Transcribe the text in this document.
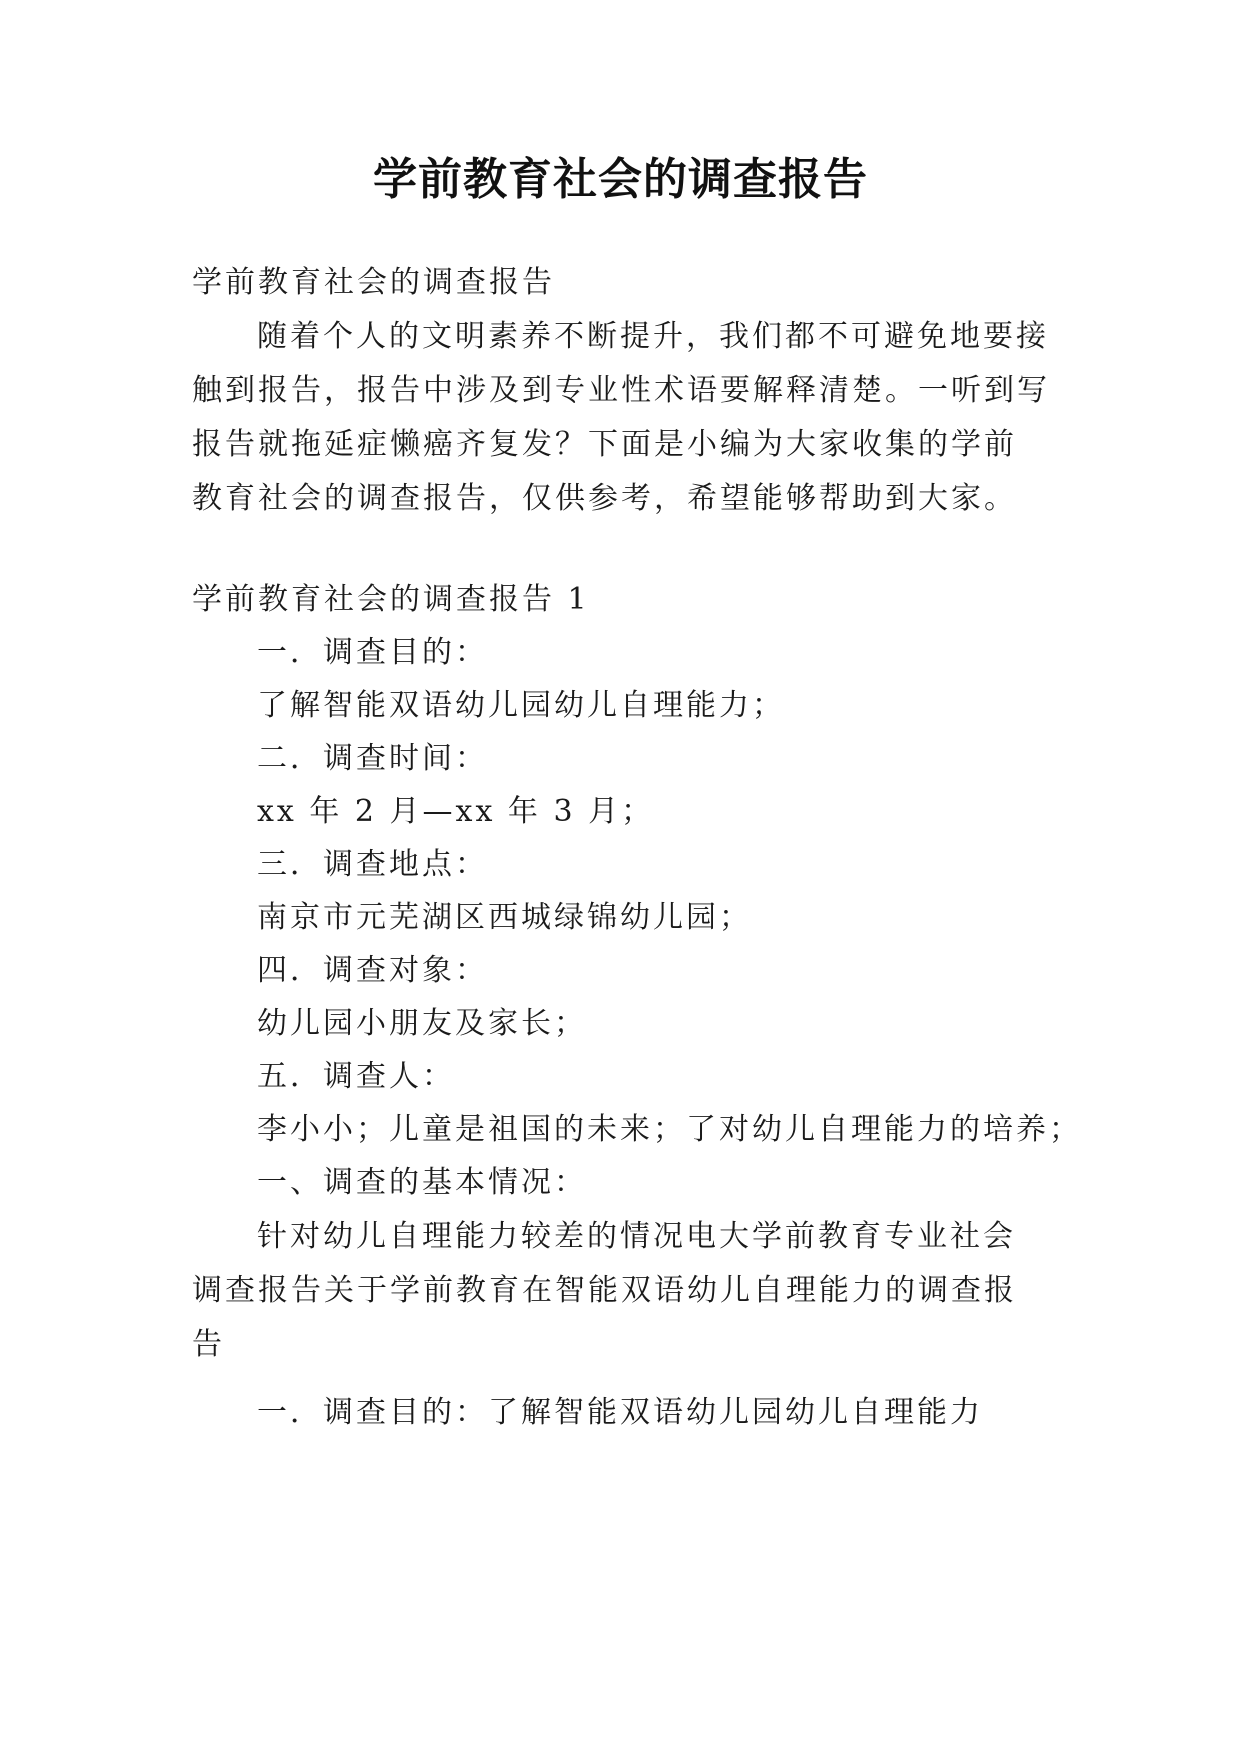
学前教育社会的调查报告
学前教育社会的调查报告
随着个人的文明素养不断提升，我们都不可避免地要接
触到报告，报告中涉及到专业性术语要解释清楚。一听到写
报告就拖延症懒癌齐复发？下面是小编为大家收集的学前
教育社会的调查报告，仅供参考，希望能够帮助到大家。
学前教育社会的调查报告 1
一．调查目的：
了解智能双语幼儿园幼儿自理能力；
二．调查时间：
xx 年 2 月—xx 年 3 月；
三．调查地点：
南京市元芜湖区西城绿锦幼儿园；
四．调查对象：
幼儿园小朋友及家长；
五．调查人：
李小小；儿童是祖国的未来；了对幼儿自理能力的培养；
一、调查的基本情况：
针对幼儿自理能力较差的情况电大学前教育专业社会
调查报告关于学前教育在智能双语幼儿自理能力的调查报
告
一．调查目的：了解智能双语幼儿园幼儿自理能力
